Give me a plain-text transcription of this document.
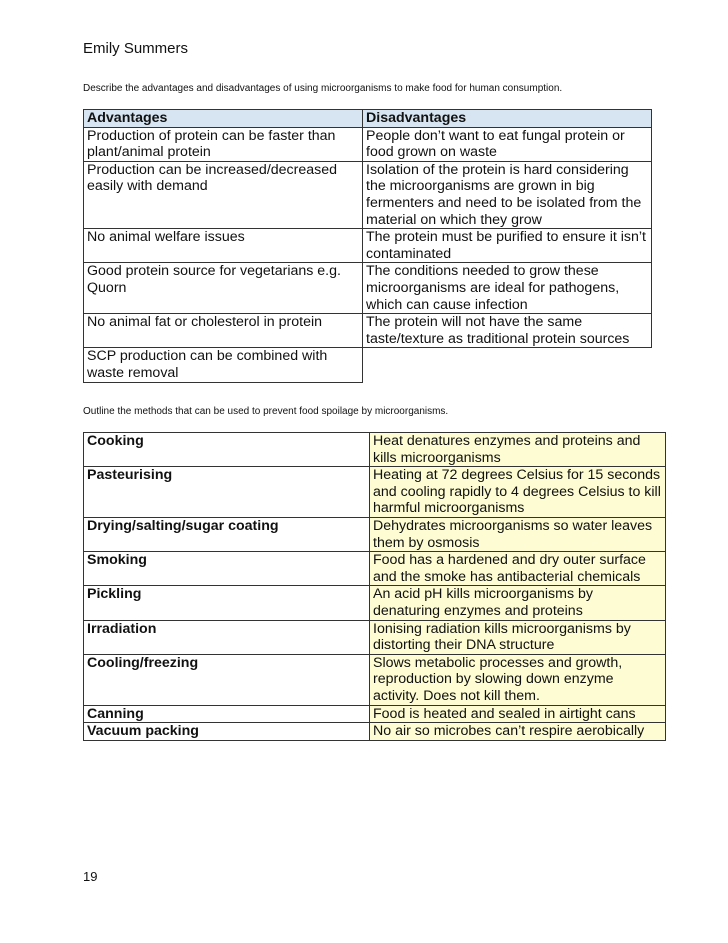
Emily Summers
Describe the advantages and disadvantages of using microorganisms to make food for human consumption.
Advantages	Disadvantages
Production of protein can be faster than plant/animal protein	People don’t want to eat fungal protein or food grown on waste
Production can be increased/decreased easily with demand	Isolation of the protein is hard considering the microorganisms are grown in big fermenters and need to be isolated from the material on which they grow
No animal welfare issues	The protein must be purified to ensure it isn’t contaminated
Good protein source for vegetarians e.g. Quorn	The conditions needed to grow these microorganisms are ideal for pathogens, which can cause infection
No animal fat or cholesterol in protein	The protein will not have the same taste/texture as traditional protein sources
SCP production can be combined with waste removal	
Outline the methods that can be used to prevent food spoilage by microorganisms.
Cooking	Heat denatures enzymes and proteins and kills microorganisms
Pasteurising	Heating at 72 degrees Celsius for 15 seconds and cooling rapidly to 4 degrees Celsius to kill harmful microorganisms
Drying/salting/sugar coating	Dehydrates microorganisms so water leaves them by osmosis
Smoking	Food has a hardened and dry outer surface and the smoke has antibacterial chemicals
Pickling	An acid pH kills microorganisms by denaturing enzymes and proteins
Irradiation	Ionising radiation kills microorganisms by distorting their DNA structure
Cooling/freezing	Slows metabolic processes and growth, reproduction by slowing down enzyme activity. Does not kill them.
Canning	Food is heated and sealed in airtight cans
Vacuum packing	No air so microbes can’t respire aerobically
19
